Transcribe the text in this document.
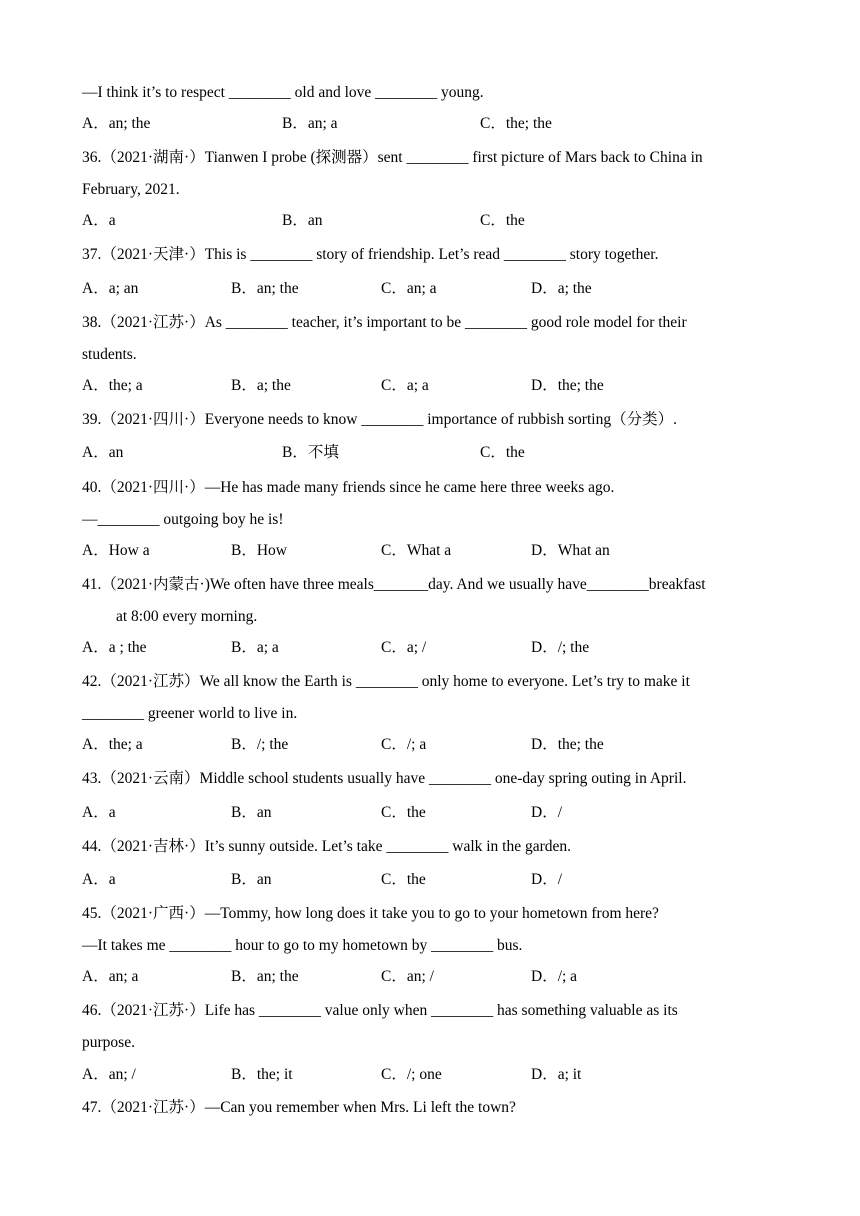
—I think it’s to respect ________ old and love ________ young.
A．an; the	B．an; a	C．the; the
36.（2021·湖南·）Tianwen I probe (探测器）sent ________ first picture of Mars back to China in
February, 2021.
A．a	B．an	C．the
37.（2021·天津·）This is ________ story of friendship. Let’s read ________ story together.
A．a; an	B．an; the	C．an; a	D．a; the
38.（2021·江苏·）As ________ teacher, it’s important to be ________ good role model for their
students.
A．the; a	B．a; the	C．a; a	D．the; the
39.（2021·四川·）Everyone needs to know ________ importance of rubbish sorting（分类）.
A．an	B．不填	C．the
40.（2021·四川·）—He has made many friends since he came here three weeks ago.
—________ outgoing boy he is!
A．How a	B．How	C．What a	D．What an
41.（2021·内蒙古·)We often have three meals_______day. And we usually have________breakfast
at 8:00 every morning.
A．a ; the	B．a; a	C．a; /	D．/; the
42.（2021·江苏）We all know the Earth is ________ only home to everyone. Let’s try to make it
________ greener world to live in.
A．the; a	B．/; the	C．/; a	D．the; the
43.（2021·云南）Middle school students usually have ________ one-day spring outing in April.
A．a	B．an	C．the	D．/
44.（2021·吉林·）It’s sunny outside. Let’s take ________ walk in the garden.
A．a	B．an	C．the	D．/
45.（2021·广西·）—Tommy, how long does it take you to go to your hometown from here?
—It takes me ________ hour to go to my hometown by ________ bus.
A．an; a	B．an; the	C．an; /	D．/; a
46.（2021·江苏·）Life has ________ value only when ________ has something valuable as its
purpose.
A．an; /	B．the; it	C．/; one	D．a; it
47.（2021·江苏·）—Can you remember when Mrs. Li left the town?
